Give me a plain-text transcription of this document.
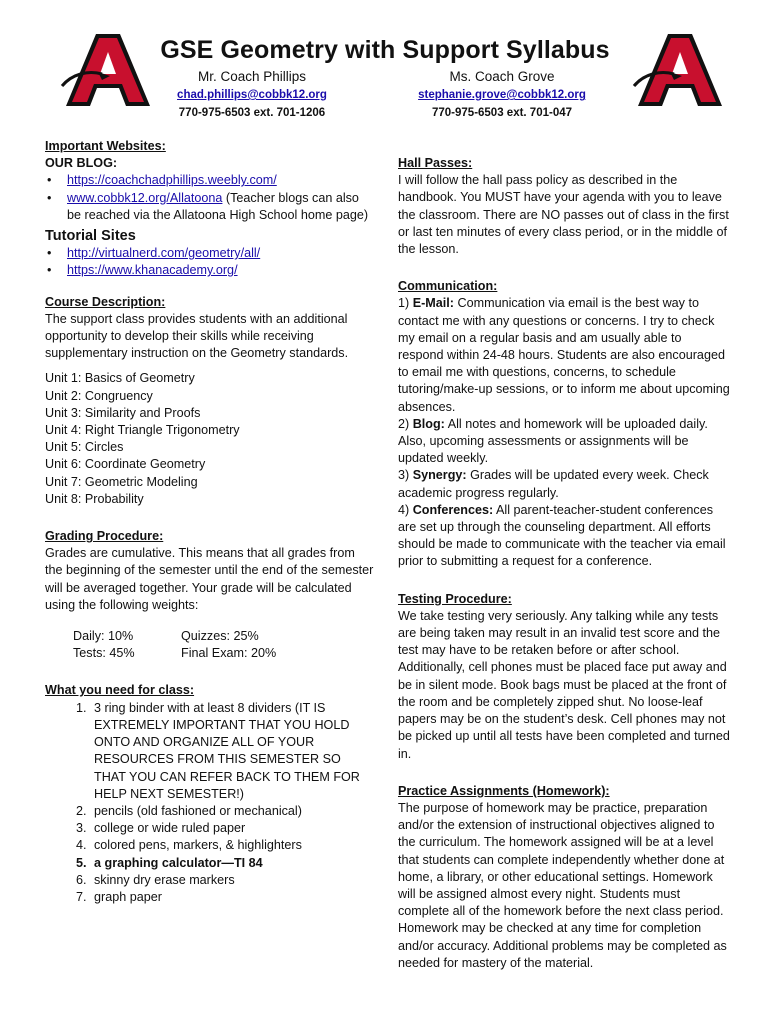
GSE Geometry with Support Syllabus
Mr. Coach Phillips
chad.phillips@cobbk12.org
770-975-6503 ext. 701-1206
Ms. Coach Grove
stephanie.grove@cobbk12.org
770-975-6503 ext. 701-047
Important Websites:
OUR BLOG:
• https://coachchadphillips.weebly.com/
• www.cobbk12.org/Allatoona (Teacher blogs can also be reached via the Allatoona High School home page)
Tutorial Sites
• http://virtualnerd.com/geometry/all/
• https://www.khanacademy.org/
Course Description:

The support class provides students with an additional opportunity to develop their skills while receiving supplementary instruction on the Geometry standards.

Unit 1: Basics of Geometry
Unit 2: Congruency
Unit 3: Similarity and Proofs
Unit 4: Right Triangle Trigonometry
Unit 5: Circles
Unit 6: Coordinate Geometry
Unit 7: Geometric Modeling
Unit 8: Probability
Grading Procedure:

Grades are cumulative. This means that all grades from the beginning of the semester until the end of the semester will be averaged together. Your grade will be calculated using the following weights:

Daily: 10%	Quizzes: 25%
Tests: 45%	Final Exam: 20%
What you need for class:
1. 3 ring binder with at least 8 dividers (IT IS EXTREMELY IMPORTANT THAT YOU HOLD ONTO AND ORGANIZE ALL OF YOUR RESOURCES FROM THIS SEMESTER SO THAT YOU CAN REFER BACK TO THEM FOR HELP NEXT SEMESTER!)
2. pencils (old fashioned or mechanical)
3. college or wide ruled paper
4. colored pens, markers, & highlighters
5. a graphing calculator—TI 84
6. skinny dry erase markers
7. graph paper
Hall Passes:

I will follow the hall pass policy as described in the handbook. You MUST have your agenda with you to leave the classroom. There are NO passes out of class in the first or last ten minutes of every class period, or in the middle of the lesson.

Communication:

1) E-Mail: Communication via email is the best way to contact me with any questions or concerns. I try to check my email on a regular basis and am usually able to respond within 24-48 hours. Students are also encouraged to email me with questions, concerns, to schedule tutoring/make-up sessions, or to inform me about upcoming absences.

2) Blog: All notes and homework will be uploaded daily. Also, upcoming assessments or assignments will be updated weekly.

3) Synergy: Grades will be updated every week. Check academic progress regularly.

4) Conferences: All parent-teacher-student conferences are set up through the counseling department. All efforts should be made to communicate with the teacher via email prior to submitting a request for a conference.

Testing Procedure:

We take testing very seriously. Any talking while any tests are being taken may result in an invalid test score and the test may have to be retaken before or after school. Additionally, cell phones must be placed face put away and be in silent mode. Book bags must be placed at the front of the room and be completely zipped shut. No loose-leaf papers may be on the student’s desk. Cell phones may not be picked up until all tests have been completed and turned in.

Practice Assignments (Homework):

The purpose of homework may be practice, preparation and/or the extension of instructional objectives aligned to the curriculum. The homework assigned will be at a level that students can complete independently whether done at home, a library, or other educational settings. Homework will be assigned almost every night. Students must complete all of the homework before the next class period. Homework may be checked at any time for completion and/or accuracy. Additional problems may be completed as needed for mastery of the material.
